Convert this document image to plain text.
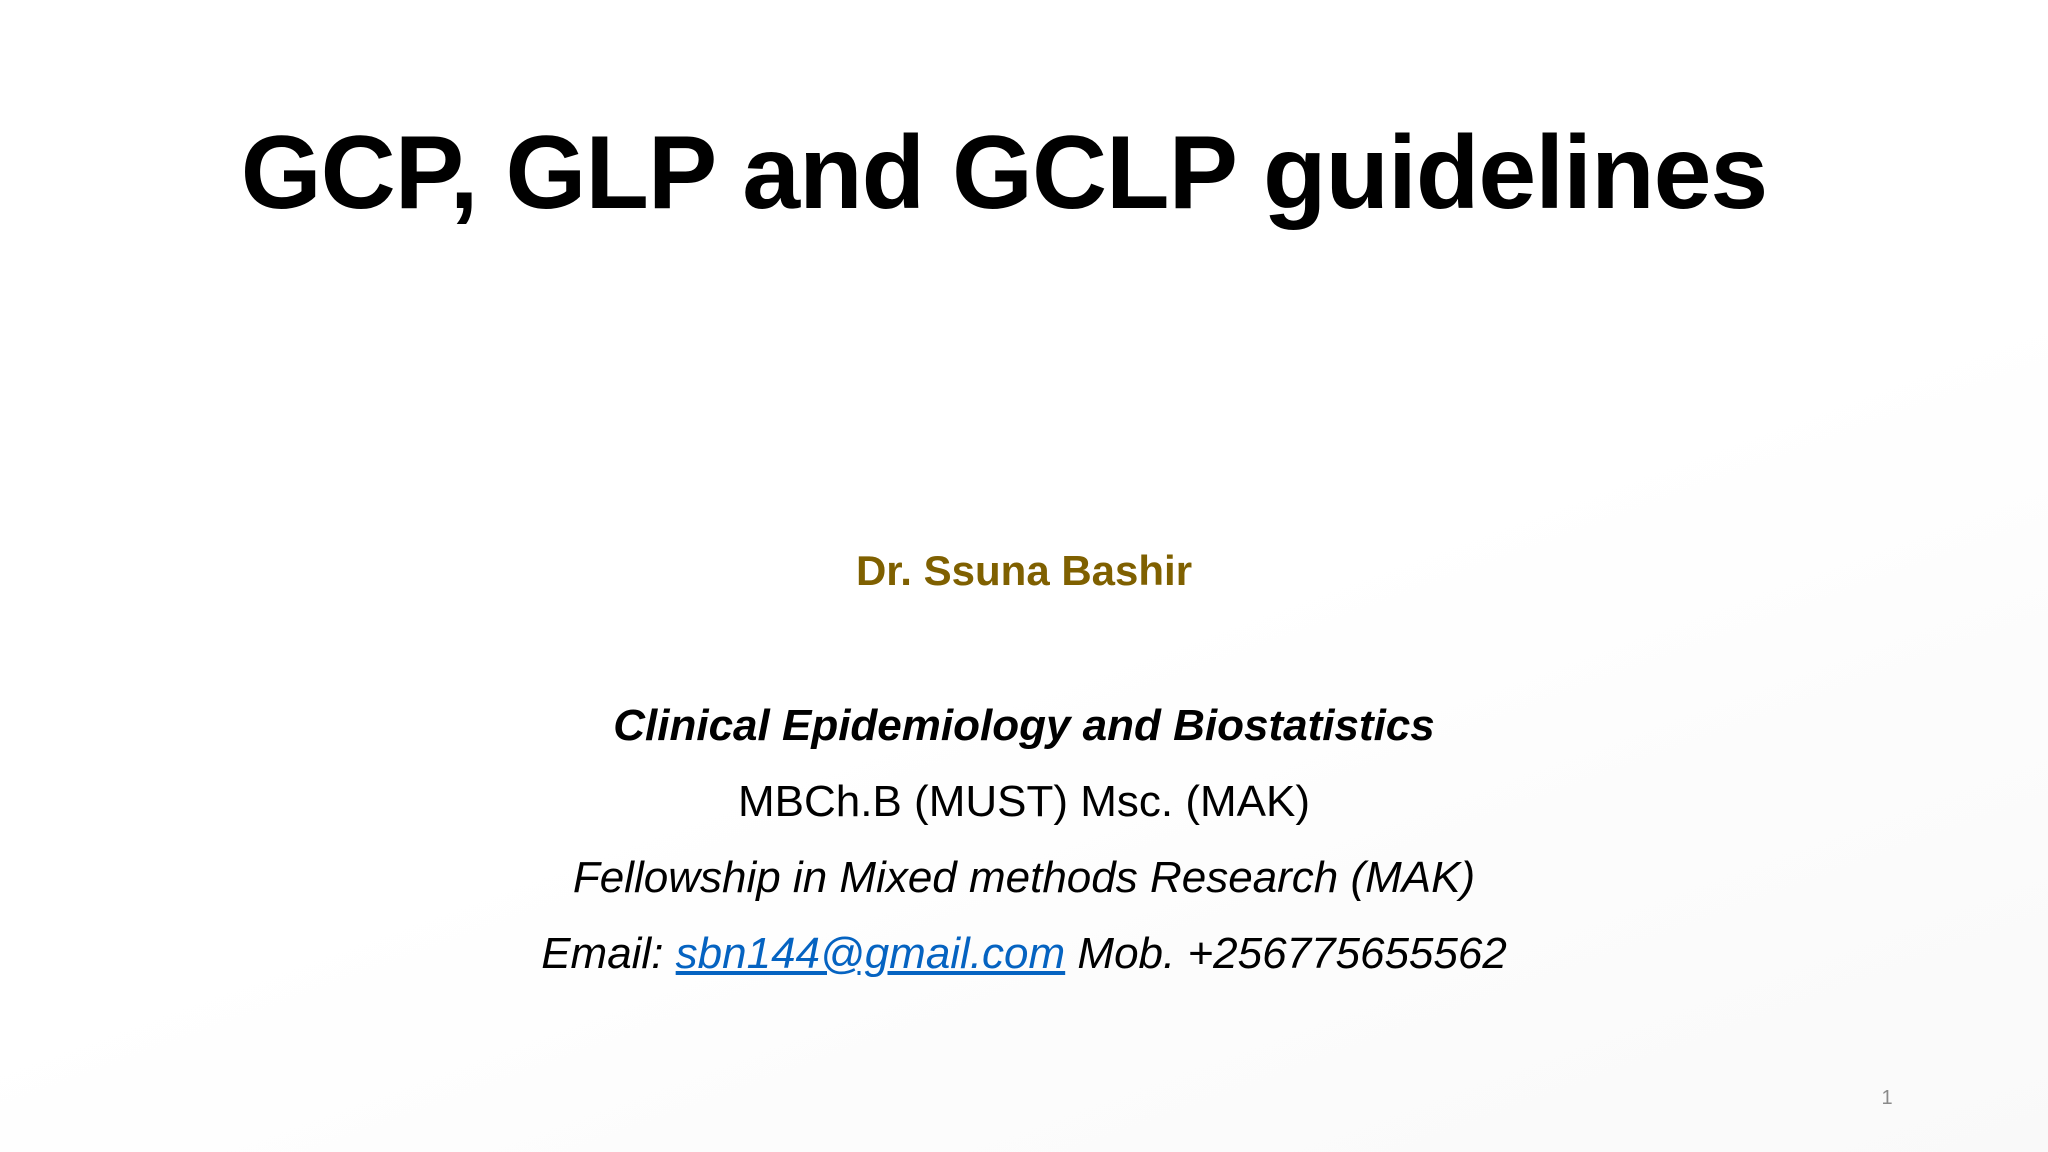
GCP, GLP and GCLP guidelines
Dr. Ssuna Bashir
Clinical Epidemiology and Biostatistics
MBCh.B (MUST) Msc. (MAK)
Fellowship in Mixed methods Research (MAK)
Email: sbn144@gmail.com Mob. +256775655562
1
